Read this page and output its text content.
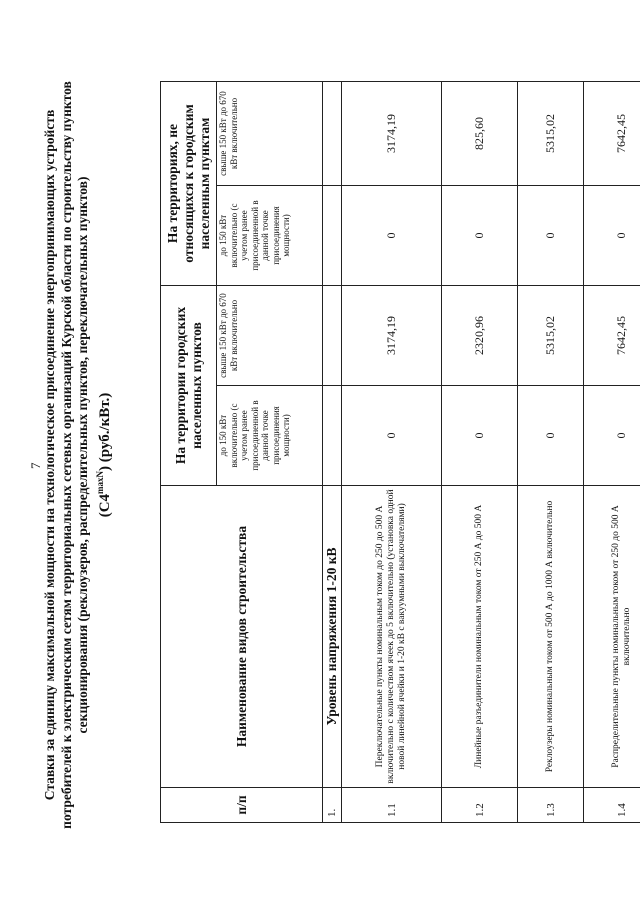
7 Ставки за единицу максимальной мощности на технологическое присоединение энергопринимающих устройств потребителей к электрическим сетям территориальных сетевых организаций Курской области по строительству пунктов секционирования (реклоузеров, распределительных пунктов, переключательных пунктов) $(C4^{maxN})$ (руб./кВт.)
п/п	Наименование видов строительства	На территории городских населенных пунктов		На территориях, не относящихся к городским населенным пунктам	
		до 150 кВт включительно (с учетом ранее присоединенной в данной точке присоединения мощности)	свыше 150 кВт до 670 кВт включительно	до 150 кВт включительно (с учетом ранее присоединенной в данной точке присоединения мощности)	свыше 150 кВт до 670 кВт включительно
1.	Уровень напряжения 1-20 кВ				
1.1	Переключательные пункты номинальным током до 250 до 500 А включительно с количеством ячеек до 5 включительно (установка одной новой линейной ячейки и 1-20 кВ с вакуумными выключателями)	0	3174,19	0	3174,19
1.2	Линейные разъединители номинальным током от 250 А до 500 А	0	2320,96	0	825,60
1.3	Реклоузеры номинальным током от 500 А до 1000 А включительно	0	5315,02	0	5315,02
1.4	Распределительные пункты номинальным током от 250 до 500 А включительно	0	7642,45	0	7642,45
